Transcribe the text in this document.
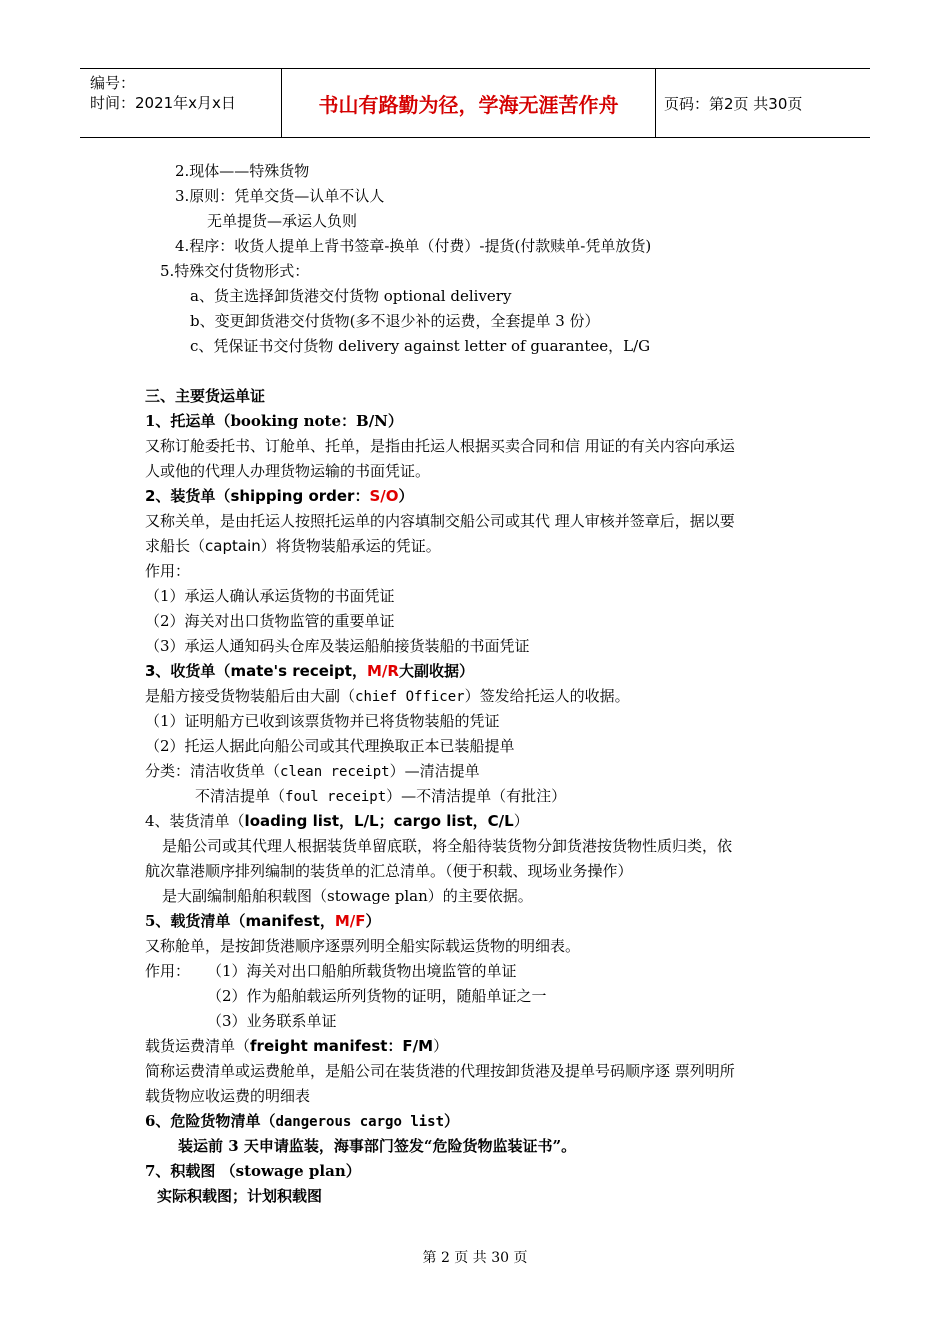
编号：
时间：2021年x月x日	书山有路勤为径，学海无涯苦作舟	页码：第2页 共30页
2.现体——特殊货物
3.原则：凭单交货—认单不认人
无单提货—承运人负则
4.程序：收货人提单上背书签章-换单（付费）-提货(付款赎单-凭单放货)
5.特殊交付货物形式：
a、货主选择卸货港交付货物 optional delivery
b、变更卸货港交付货物(多不退少补的运费，全套提单 3 份）
c、凭保证书交付货物 delivery against letter of guarantee，L/G
三、主要货运单证
1、托运单（booking note：B/N）
又称订舱委托书、订舱单、托单，是指由托运人根据买卖合同和信 用证的有关内容向承运
人或他的代理人办理货物运输的书面凭证。
2、装货单（shipping order：S/O）
又称关单，是由托运人按照托运单的内容填制交船公司或其代 理人审核并签章后，据以要
求船长（captain）将货物装船承运的凭证。
作用：
（1）承运人确认承运货物的书面凭证
（2）海关对出口货物监管的重要单证
（3）承运人通知码头仓库及装运船舶接货装船的书面凭证
3、收货单（mate's receipt，M/R大副收据）
是船方接受货物装船后由大副（chief Officer）签发给托运人的收据。
（1）证明船方已收到该票货物并已将货物装船的凭证
（2）托运人据此向船公司或其代理换取正本已装船提单
分类：清洁收货单（clean receipt）—清洁提单
不清洁提单（foul receipt）—不清洁提单（有批注）
4、装货清单（loading list，L/L；cargo list，C/L）
是船公司或其代理人根据装货单留底联，将全船待装货物分卸货港按货物性质归类，依
航次靠港顺序排列编制的装货单的汇总清单。（便于积载、现场业务操作）
是大副编制船舶积载图（stowage plan）的主要依据。
5、载货清单（manifest，M/F）
又称舱单，是按卸货港顺序逐票列明全船实际载运货物的明细表。
作用： （1）海关对出口船舶所载货物出境监管的单证
（2）作为船舶载运所列货物的证明，随船单证之一
（3）业务联系单证
载货运费清单（freight manifest：F/M）
简称运费清单或运费舱单，是船公司在装货港的代理按卸货港及提单号码顺序逐 票列明所
载货物应收运费的明细表
6、危险货物清单（dangerous cargo list）
装运前 3 天申请监装，海事部门签发“危险货物监装证书”。
7、积载图 （stowage plan）
实际积载图；计划积载图
第 2 页 共 30 页
